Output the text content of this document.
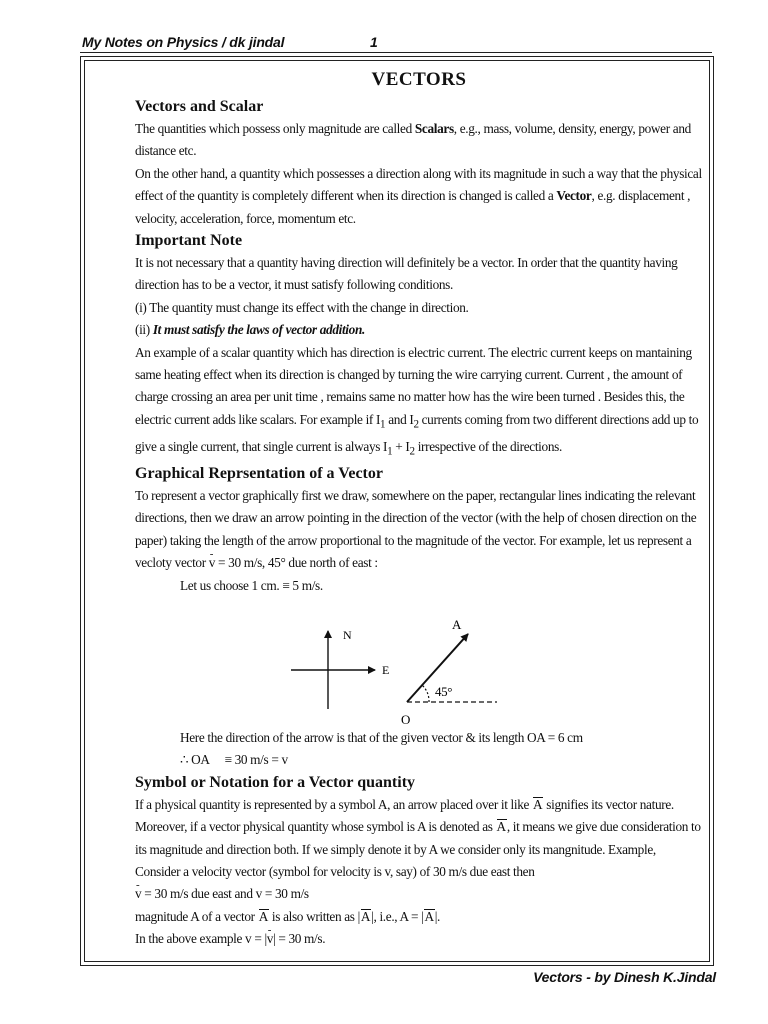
My Notes on Physics / dk jindal	1
VECTORS
Vectors and Scalar

The quantities which possess only magnitude are called Scalars, e.g., mass, volume, density, energy, power and distance etc.

On the other hand, a quantity which possesses a direction along with its magnitude in such a way that the physical effect of the quantity is completely different when its direction is changed is called a Vector, e.g. displacement , velocity, acceleration, force, momentum etc.

Important Note

It is not necessary that a quantity having direction will definitely be a vector. In order that the quantity having direction has to be a vector, it must satisfy following conditions.

(i) The quantity must change its effect with the change in direction.

(ii) It must satisfy the laws of vector addition.

An example of a scalar quantity which has direction is electric current. The electric current keeps on mantaining same heating effect when its direction is changed by turning the wire carrying current. Current , the amount of charge crossing an area per unit time , remains same no matter how has the wire been turned . Besides this, the electric current adds like scalars. For example if $I_1$ and $I_2$ currents coming from two different directions add up to give a single current, that single current is always $I_1 + I_2$ irrespective of the directions.

Graphical Reprsentation of a Vector

To represent a vector graphically first we draw, somewhere on the paper, rectangular lines indicating the relevant directions, then we draw an arrow pointing in the direction of the vector (with the help of chosen direction on the paper) taking the length of the arrow proportional to the magnitude of the vector. For example, let us represent a vecloty vector - v = 30 m/s, 45° due north of east :

Let us choose 1 cm. ≡ 5 m/s.

N
E
A
45°
O

Here the direction of the arrow is that of the given vector & its length OA = 6 cm

∴ OA ≡ 30 m/s = v

Symbol or Notation for a Vector quantity

If a physical quantity is represented by a symbol A, an arrow placed over it like A signifies its vector nature. Moreover, if a vector physical quantity whose symbol is A is denoted as A, it means we give due consideration to its magnitude and direction both. If we simply denote it by A we consider only its mangnitude. Example, Consider a velocity vector (symbol for velocity is v, say) of 30 m/s due east then

- v = 30 m/s due east and v = 30 m/s

magnitude A of a vector A is also written as |A|, i.e., A = |A|.

In the above example v = |- v| = 30 m/s.

Vectors - by Dinesh K.Jindal
